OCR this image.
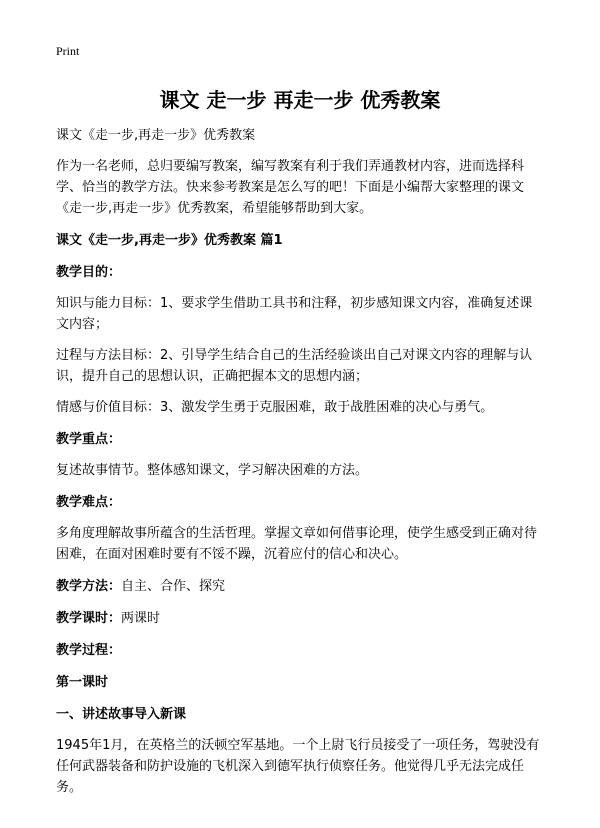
Print

课文 走一步 再走一步 优秀教案

课文《走一步,再走一步》优秀教案

作为一名老师，总归要编写教案，编写教案有利于我们弄通教材内容，进而选择科学、恰当的教学方法。快来参考教案是怎么写的吧！下面是小编帮大家整理的课文《走一步,再走一步》优秀教案，希望能够帮助到大家。

课文《走一步,再走一步》优秀教案 篇1

教学目的：

知识与能力目标：1、要求学生借助工具书和注释，初步感知课文内容，准确复述课文内容；

过程与方法目标：2、引导学生结合自己的生活经验谈出自己对课文内容的理解与认识，提升自己的思想认识，正确把握本文的思想内涵；

情感与价值目标：3、激发学生勇于克服困难，敢于战胜困难的决心与勇气。

教学重点：

复述故事情节。整体感知课文，学习解决困难的方法。

教学难点：

多角度理解故事所蕴含的生活哲理。掌握文章如何借事论理，使学生感受到正确对待困难，在面对困难时要有不馁不躁，沉着应付的信心和决心。

教学方法：自主、合作、探究

教学课时：两课时

教学过程：

第一课时

一、讲述故事导入新课

1945年1月，在英格兰的沃顿空军基地。一个上尉飞行员接受了一项任务，驾驶没有任何武器装备和防护设施的飞机深入到德军执行侦察任务。他觉得几乎无法完成任务。
